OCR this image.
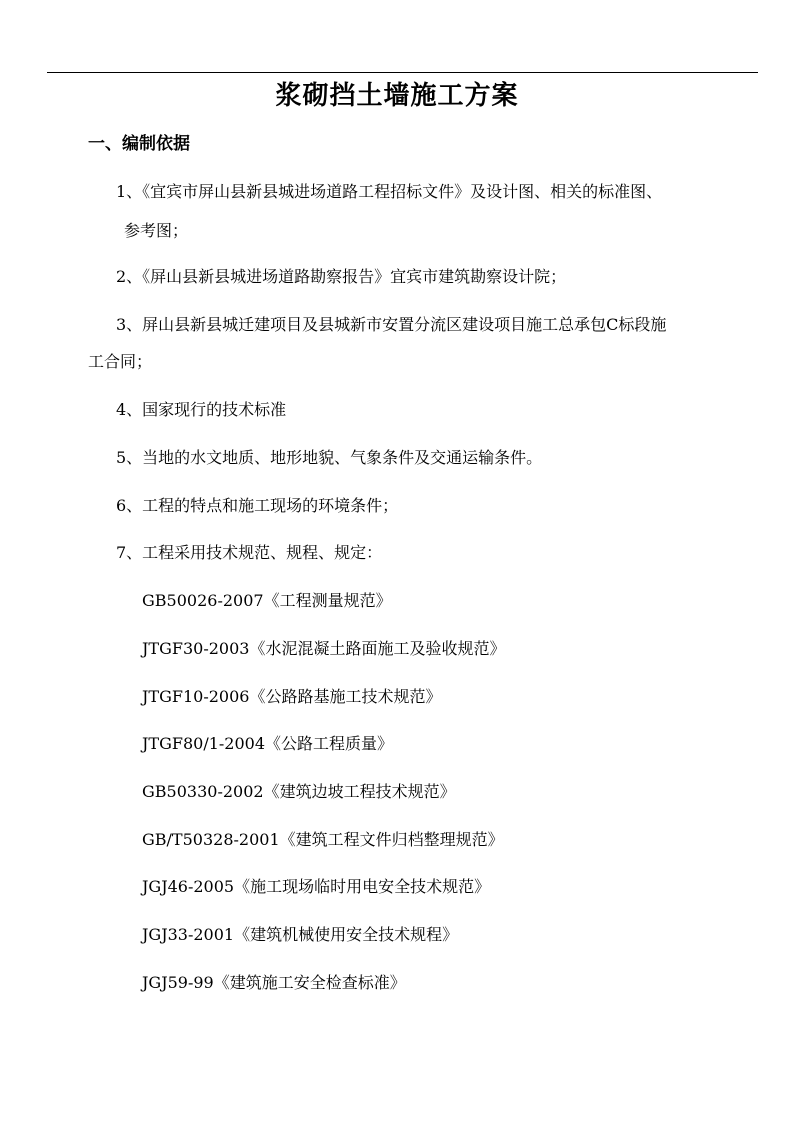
浆砌挡土墙施工方案
一、编制依据
1、《宜宾市屏山县新县城进场道路工程招标文件》及设计图、相关的标准图、
参考图；
2、《屏山县新县城进场道路勘察报告》宜宾市建筑勘察设计院；
3、屏山县新县城迁建项目及县城新市安置分流区建设项目施工总承包C标段施
工合同；
4、国家现行的技术标准
5、当地的水文地质、地形地貌、气象条件及交通运输条件。
6、工程的特点和施工现场的环境条件；
7、工程采用技术规范、规程、规定：
GB50026-2007《工程测量规范》
JTGF30-2003《水泥混凝土路面施工及验收规范》
JTGF10-2006《公路路基施工技术规范》
JTGF80/1-2004《公路工程质量》
GB50330-2002《建筑边坡工程技术规范》
GB/T50328-2001《建筑工程文件归档整理规范》
JGJ46-2005《施工现场临时用电安全技术规范》
JGJ33-2001《建筑机械使用安全技术规程》
JGJ59-99《建筑施工安全检查标准》
